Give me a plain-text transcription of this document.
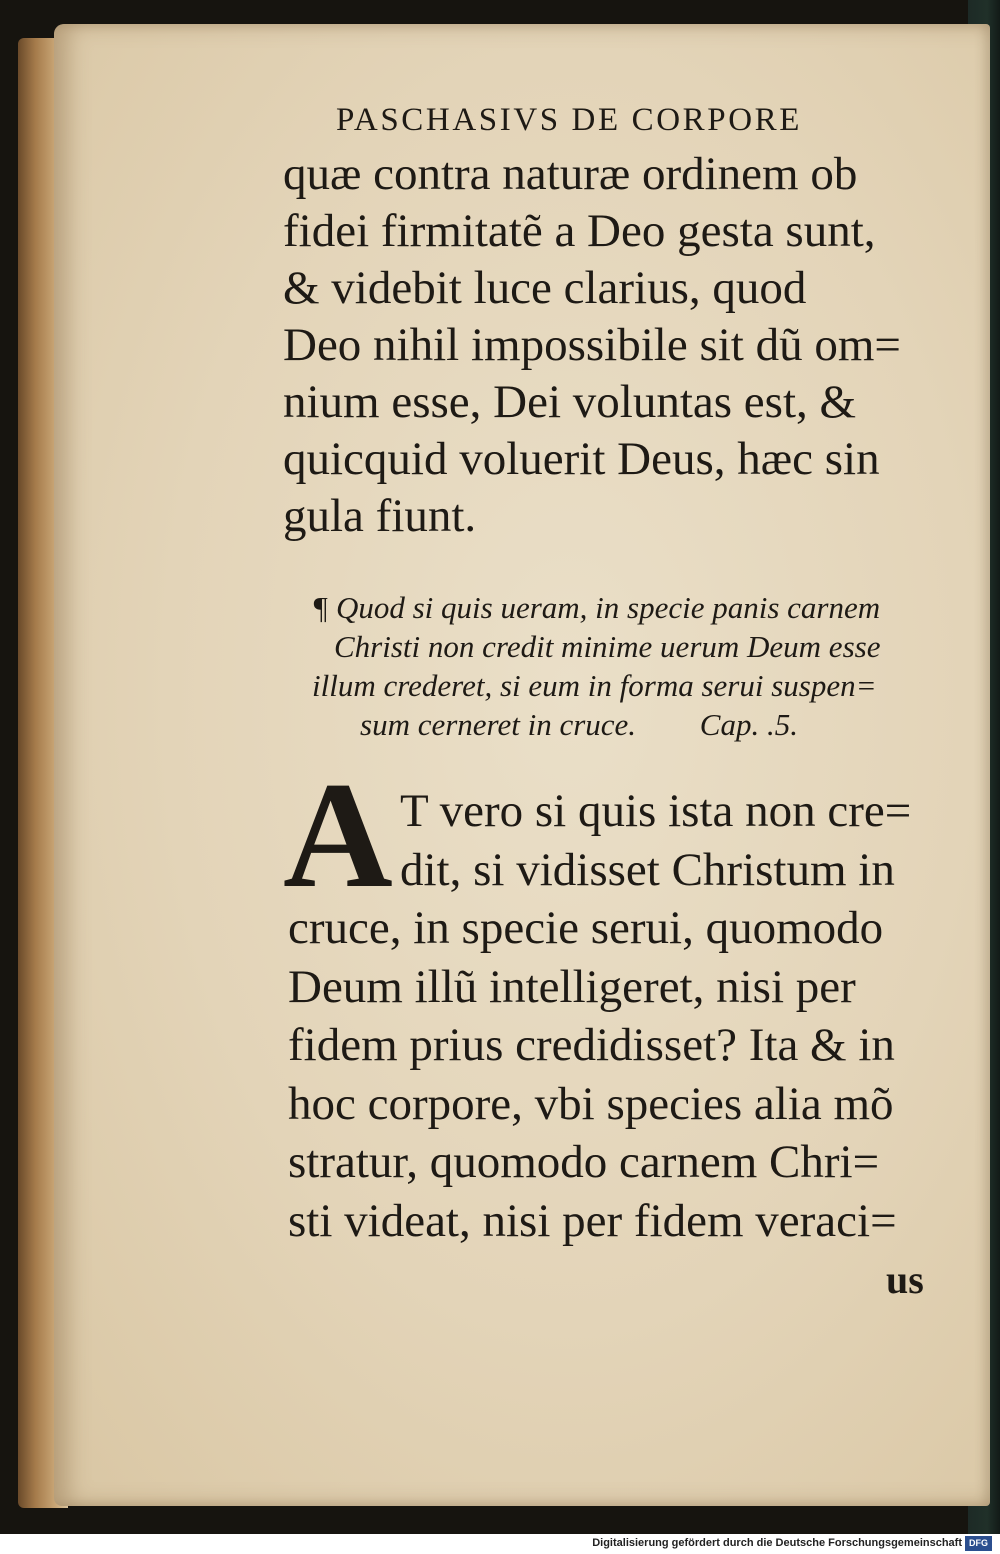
PASCHASIVS DE CORPORE
quæ contra naturæ ordinem ob
fidei firmitatẽ a Deo gesta sunt,
& videbit luce clarius, quod
Deo nihil impossibile sit dũ om=
nium esse, Dei voluntas est, &
quicquid voluerit Deus, hæc sin
gula fiunt.
¶ Quod si quis ueram, in specie panis carnem
Christi non credit minime uerum Deum esse
illum crederet, si eum in forma serui suspen=
sum cerneret in cruce. Cap. .5.
A T vero si quis ista non cre=
dit, si vidisset Christum in
cruce, in specie serui, quomodo
Deum illũ intelligeret, nisi per
fidem prius credidisset? Ita & in
hoc corpore, vbi species alia mõ
stratur, quomodo carnem Chri=
sti videat, nisi per fidem veraci=
us
Digitalisierung gefördert durch die Deutsche Forschungsgemeinschaft DFG
